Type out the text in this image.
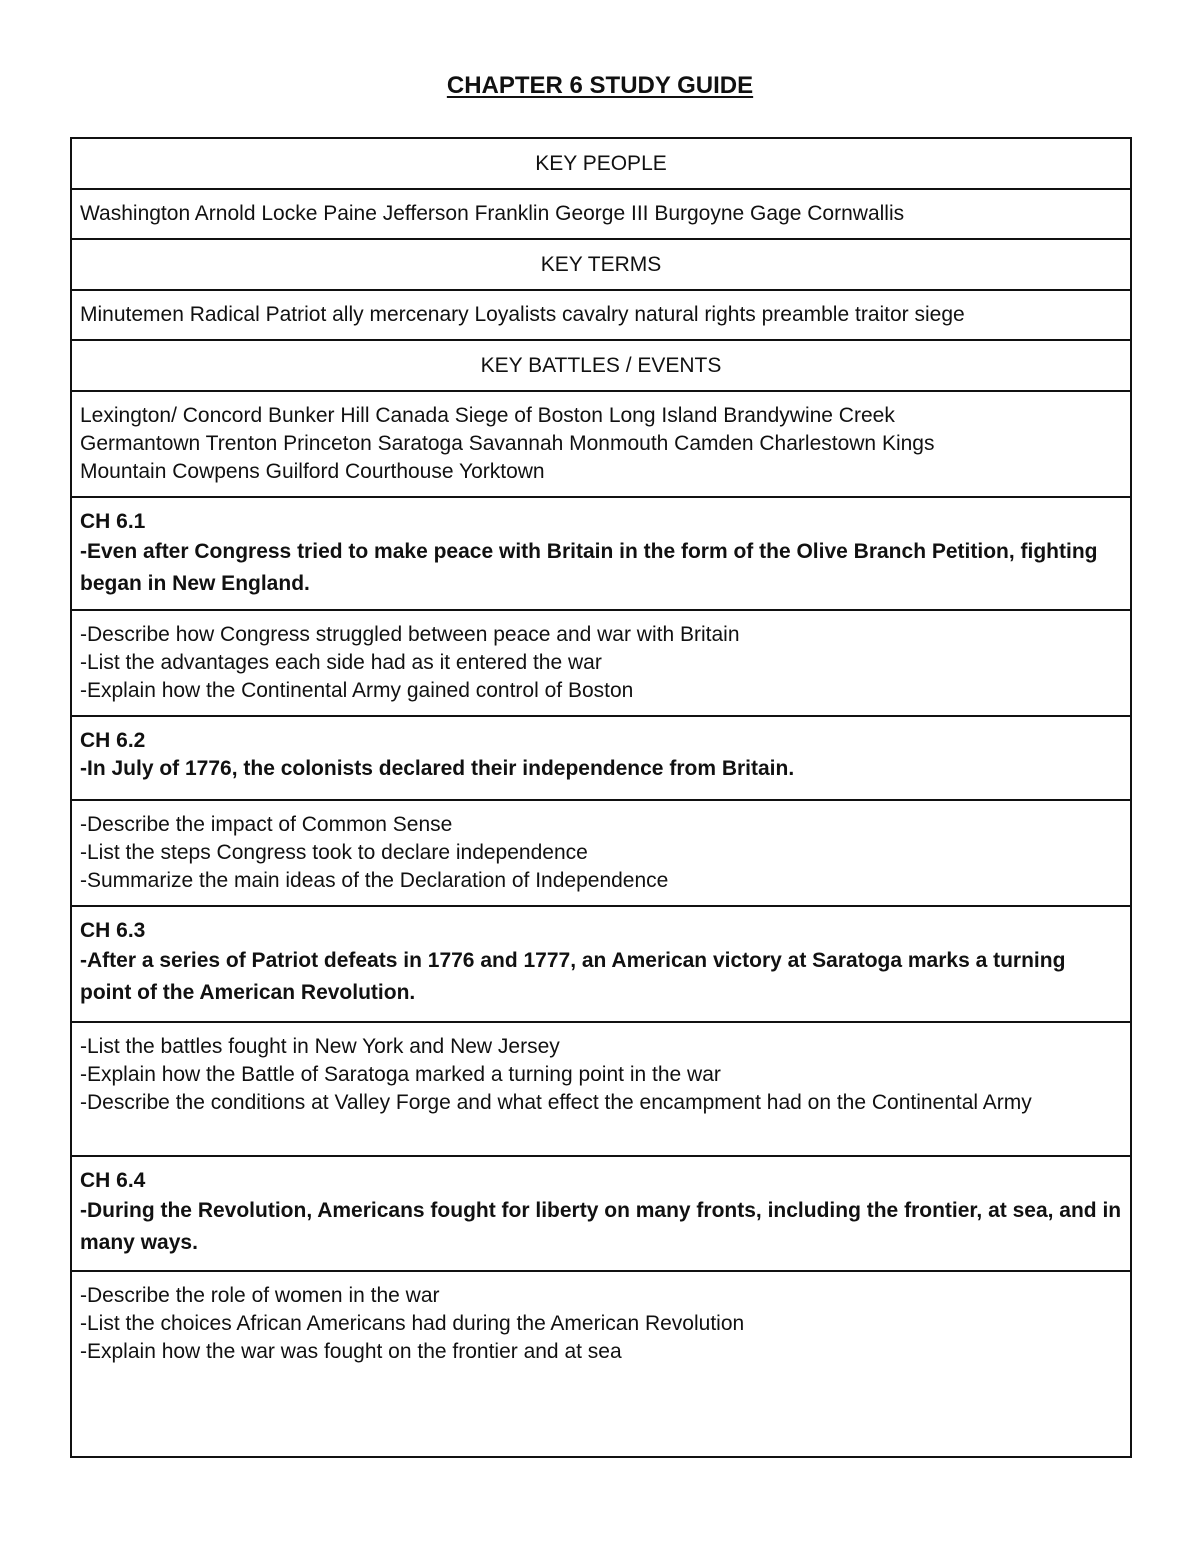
CHAPTER 6 STUDY GUIDE
KEY PEOPLE
Washington Arnold Locke Paine Jefferson Franklin George III Burgoyne Gage Cornwallis
KEY TERMS
Minutemen Radical Patriot ally mercenary Loyalists cavalry natural rights preamble traitor siege
KEY BATTLES / EVENTS
Lexington/ Concord Bunker Hill Canada Siege of Boston Long Island Brandywine Creek
Germantown Trenton Princeton Saratoga Savannah Monmouth Camden Charlestown Kings
Mountain Cowpens Guilford Courthouse Yorktown
CH 6.1
-Even after Congress tried to make peace with Britain in the form of the Olive Branch Petition, fighting began in New England.
-Describe how Congress struggled between peace and war with Britain
-List the advantages each side had as it entered the war
-Explain how the Continental Army gained control of Boston
CH 6.2
-In July of 1776, the colonists declared their independence from Britain.
-Describe the impact of Common Sense
-List the steps Congress took to declare independence
-Summarize the main ideas of the Declaration of Independence
CH 6.3
-After a series of Patriot defeats in 1776 and 1777, an American victory at Saratoga marks a turning point of the American Revolution.
-List the battles fought in New York and New Jersey
-Explain how the Battle of Saratoga marked a turning point in the war
-Describe the conditions at Valley Forge and what effect the encampment had on the Continental Army
CH 6.4
-During the Revolution, Americans fought for liberty on many fronts, including the frontier, at sea, and in many ways.
-Describe the role of women in the war
-List the choices African Americans had during the American Revolution
-Explain how the war was fought on the frontier and at sea
